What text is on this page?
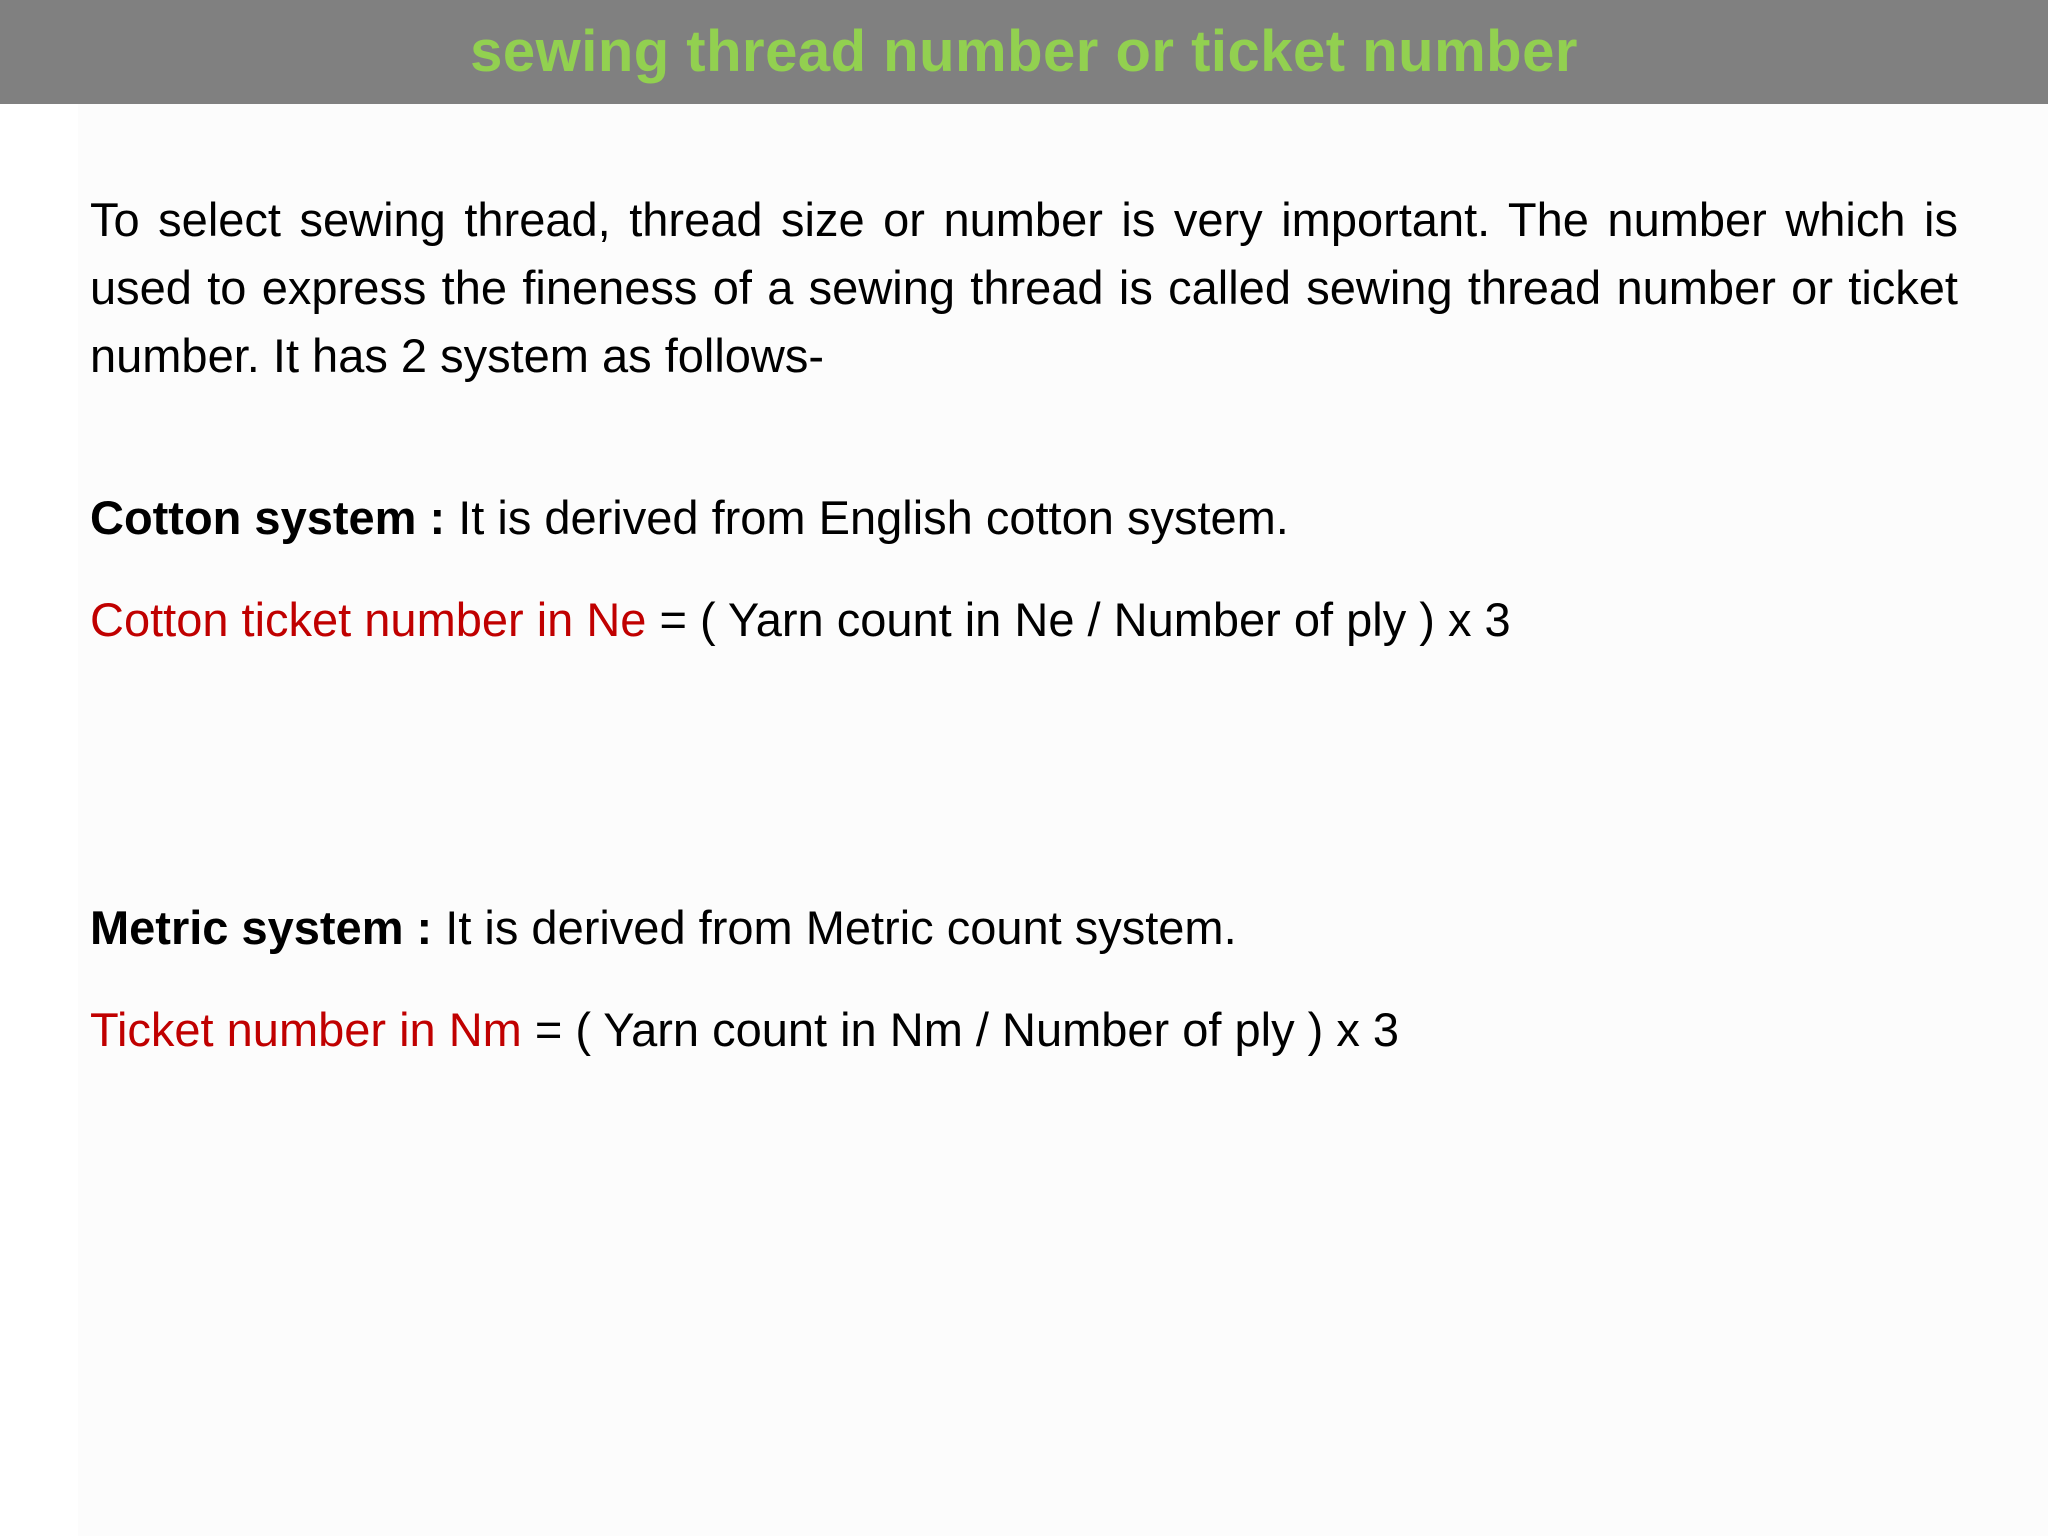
sewing thread number or ticket number
To select sewing thread, thread size or number is very important. The number which is used to express the fineness of a sewing thread is called sewing thread number or ticket number. It has 2 system as follows-
Cotton system : It is derived from English cotton system.
Cotton ticket number in Ne = ( Yarn count in Ne / Number of ply ) x 3
Metric system : It is derived from Metric count system.
Ticket number in Nm = ( Yarn count in Nm / Number of ply ) x 3
